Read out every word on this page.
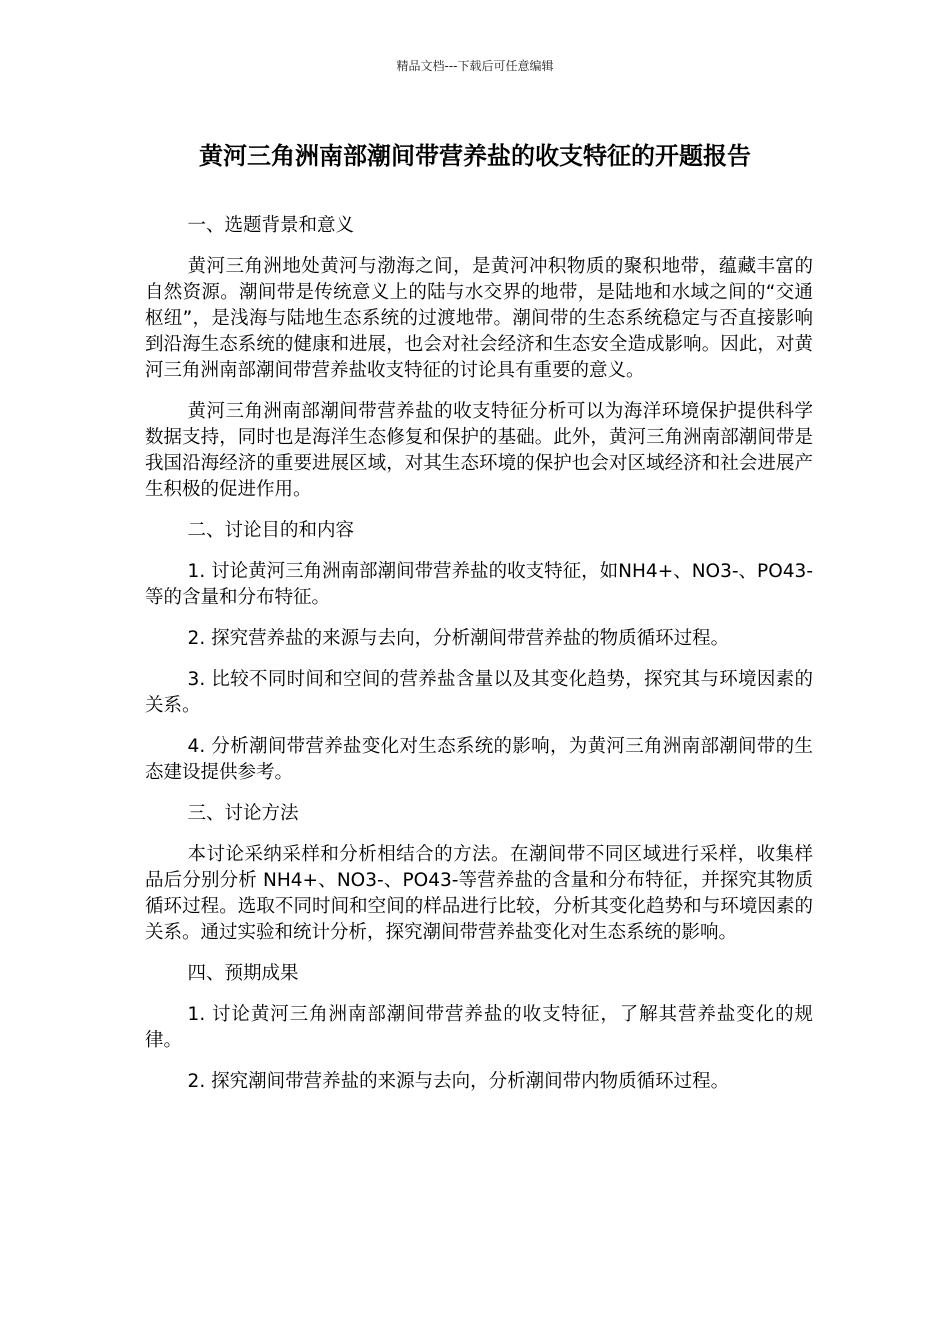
精品文档---下载后可任意编辑
黄河三角洲南部潮间带营养盐的收支特征的开题报告

一、选题背景和意义

黄河三角洲地处黄河与渤海之间，是黄河冲积物质的聚积地带，蕴藏丰富的自然资源。潮间带是传统意义上的陆与水交界的地带，是陆地和水域之间的“交通枢纽”，是浅海与陆地生态系统的过渡地带。潮间带的生态系统稳定与否直接影响到沿海生态系统的健康和进展，也会对社会经济和生态安全造成影响。因此，对黄河三角洲南部潮间带营养盐收支特征的讨论具有重要的意义。

黄河三角洲南部潮间带营养盐的收支特征分析可以为海洋环境保护提供科学数据支持，同时也是海洋生态修复和保护的基础。此外，黄河三角洲南部潮间带是我国沿海经济的重要进展区域，对其生态环境的保护也会对区域经济和社会进展产生积极的促进作用。

二、讨论目的和内容

1. 讨论黄河三角洲南部潮间带营养盐的收支特征，如NH4+、NO3-、PO43-等的含量和分布特征。

2. 探究营养盐的来源与去向，分析潮间带营养盐的物质循环过程。

3. 比较不同时间和空间的营养盐含量以及其变化趋势，探究其与环境因素的关系。

4. 分析潮间带营养盐变化对生态系统的影响，为黄河三角洲南部潮间带的生态建设提供参考。

三、讨论方法

本讨论采纳采样和分析相结合的方法。在潮间带不同区域进行采样，收集样品后分别分析 NH4+、NO3-、PO43-等营养盐的含量和分布特征，并探究其物质循环过程。选取不同时间和空间的样品进行比较，分析其变化趋势和与环境因素的关系。通过实验和统计分析，探究潮间带营养盐变化对生态系统的影响。

四、预期成果

1. 讨论黄河三角洲南部潮间带营养盐的收支特征，了解其营养盐变化的规律。

2. 探究潮间带营养盐的来源与去向，分析潮间带内物质循环过程。
